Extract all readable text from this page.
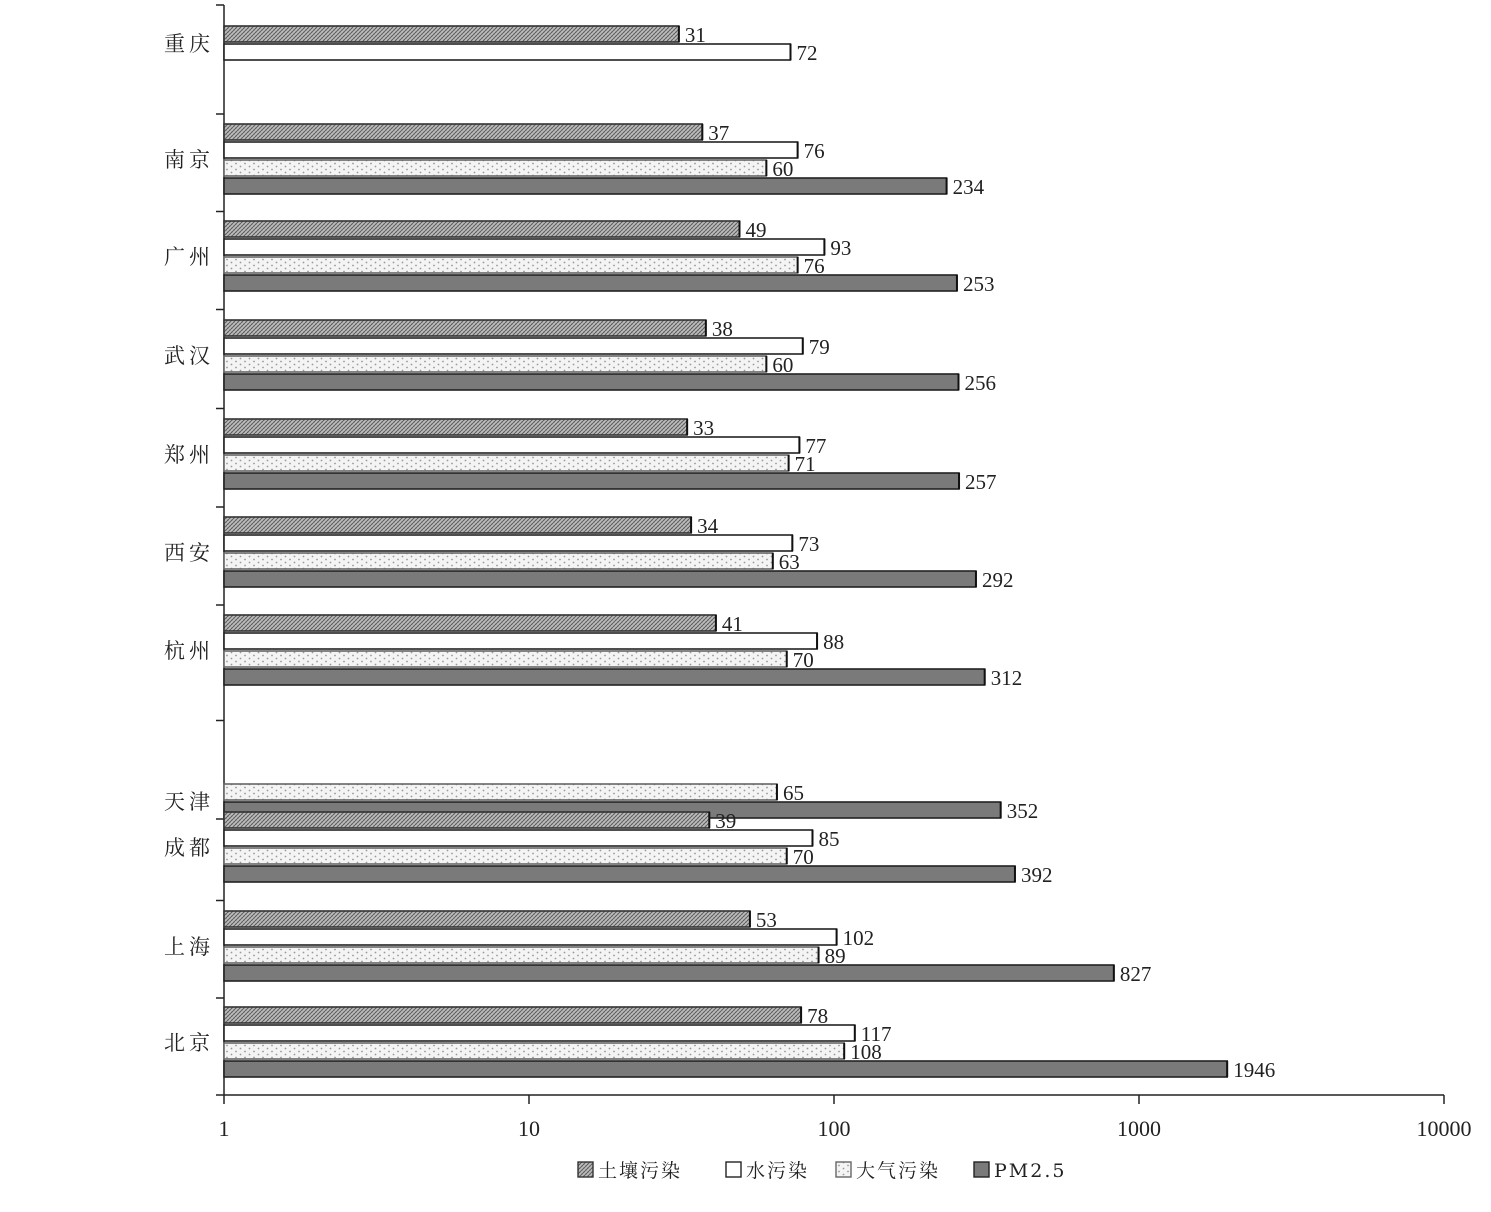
1	10	100	1000	10000
31
72
重庆
37
76
60
234
南京
49
93
76
253
广州
38
79
60
256
武汉
33
77
71
257
郑州
34
73
63
292
西安
41
88
70
312
杭州
65
352
天津
39
85
70
392
成都
53
102
89
827
上海
78
117
108
1946
北京
土壤污染	水污染 大气污染	PM2.5
